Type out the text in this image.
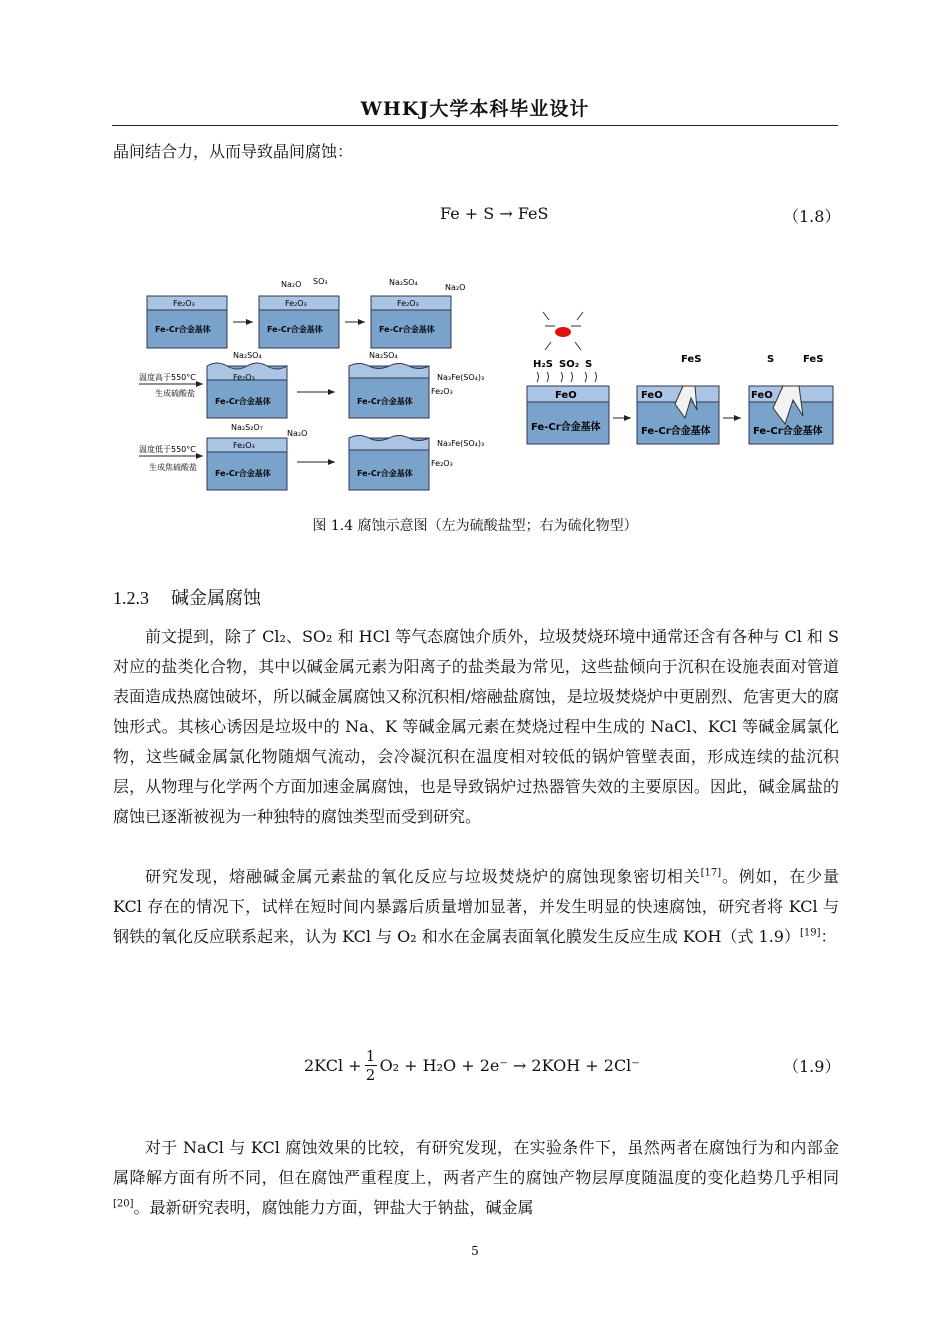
WHKJ大学本科毕业设计
晶间结合力，从而导致晶间腐蚀：
Fe + S → FeS	（1.8）
Fe₂O₃
Fe-Cr合金基体
Fe₂O₃
Fe-Cr合金基体
Na₂O SO₃
Fe₂O₃
Fe-Cr合金基体
Na₂SO₄
Na₂O
温度高于550°C
生成硫酸盐
Fe₂O₃
Fe-Cr合金基体
Na₂SO₄
Fe-Cr合金基体
Na₂SO₄
Na₃Fe(SO₄)₃
Fe₂O₃
温度低于550°C
生成焦硫酸盐
Fe₂O₃
Fe-Cr合金基体
Na₂S₂O₇
Na₂O
Fe-Cr合金基体
Na₃Fe(SO₄)₃
Fe₂O₃
H₂S SO₂ S
FeO
Fe-Cr合金基体
FeO
FeS
Fe-Cr合金基体
FeO
S	FeS
Fe-Cr合金基体
图 1.4 腐蚀示意图（左为硫酸盐型；右为硫化物型）
1.2.3 碱金属腐蚀

前文提到，除了 Cl₂、SO₂ 和 HCl 等气态腐蚀介质外，垃圾焚烧环境中通常还含有各种与 Cl 和 S 对应的盐类化合物，其中以碱金属元素为阳离子的盐类最为常见，这些盐倾向于沉积在设施表面对管道表面造成热腐蚀破坏，所以碱金属腐蚀又称沉积相/熔融盐腐蚀，是垃圾焚烧炉中更剧烈、危害更大的腐蚀形式。其核心诱因是垃圾中的 Na、K 等碱金属元素在焚烧过程中生成的 NaCl、KCl 等碱金属氯化物，这些碱金属氯化物随烟气流动，会冷凝沉积在温度相对较低的锅炉管壁表面，形成连续的盐沉积层，从物理与化学两个方面加速金属腐蚀，也是导致锅炉过热器管失效的主要原因。因此，碱金属盐的腐蚀已逐渐被视为一种独特的腐蚀类型而受到研究。

研究发现，熔融碱金属元素盐的氧化反应与垃圾焚烧炉的腐蚀现象密切相关[17]。例如，在少量 KCl 存在的情况下，试样在短时间内暴露后质量增加显著，并发生明显的快速腐蚀，研究者将 KCl 与钢铁的氧化反应联系起来，认为 KCl 与 O₂ 和水在金属表面氧化膜发生反应生成 KOH（式 1.9）[19]：

2KCl + 1
2 O₂ + H₂O + 2e⁻ → 2KOH + 2Cl⁻	（1.9）

对于 NaCl 与 KCl 腐蚀效果的比较，有研究发现，在实验条件下，虽然两者在腐蚀行为和内部金属降解方面有所不同，但在腐蚀严重程度上，两者产生的腐蚀产物层厚度随温度的变化趋势几乎相同[20]。最新研究表明，腐蚀能力方面，钾盐大于钠盐，碱金属

5
